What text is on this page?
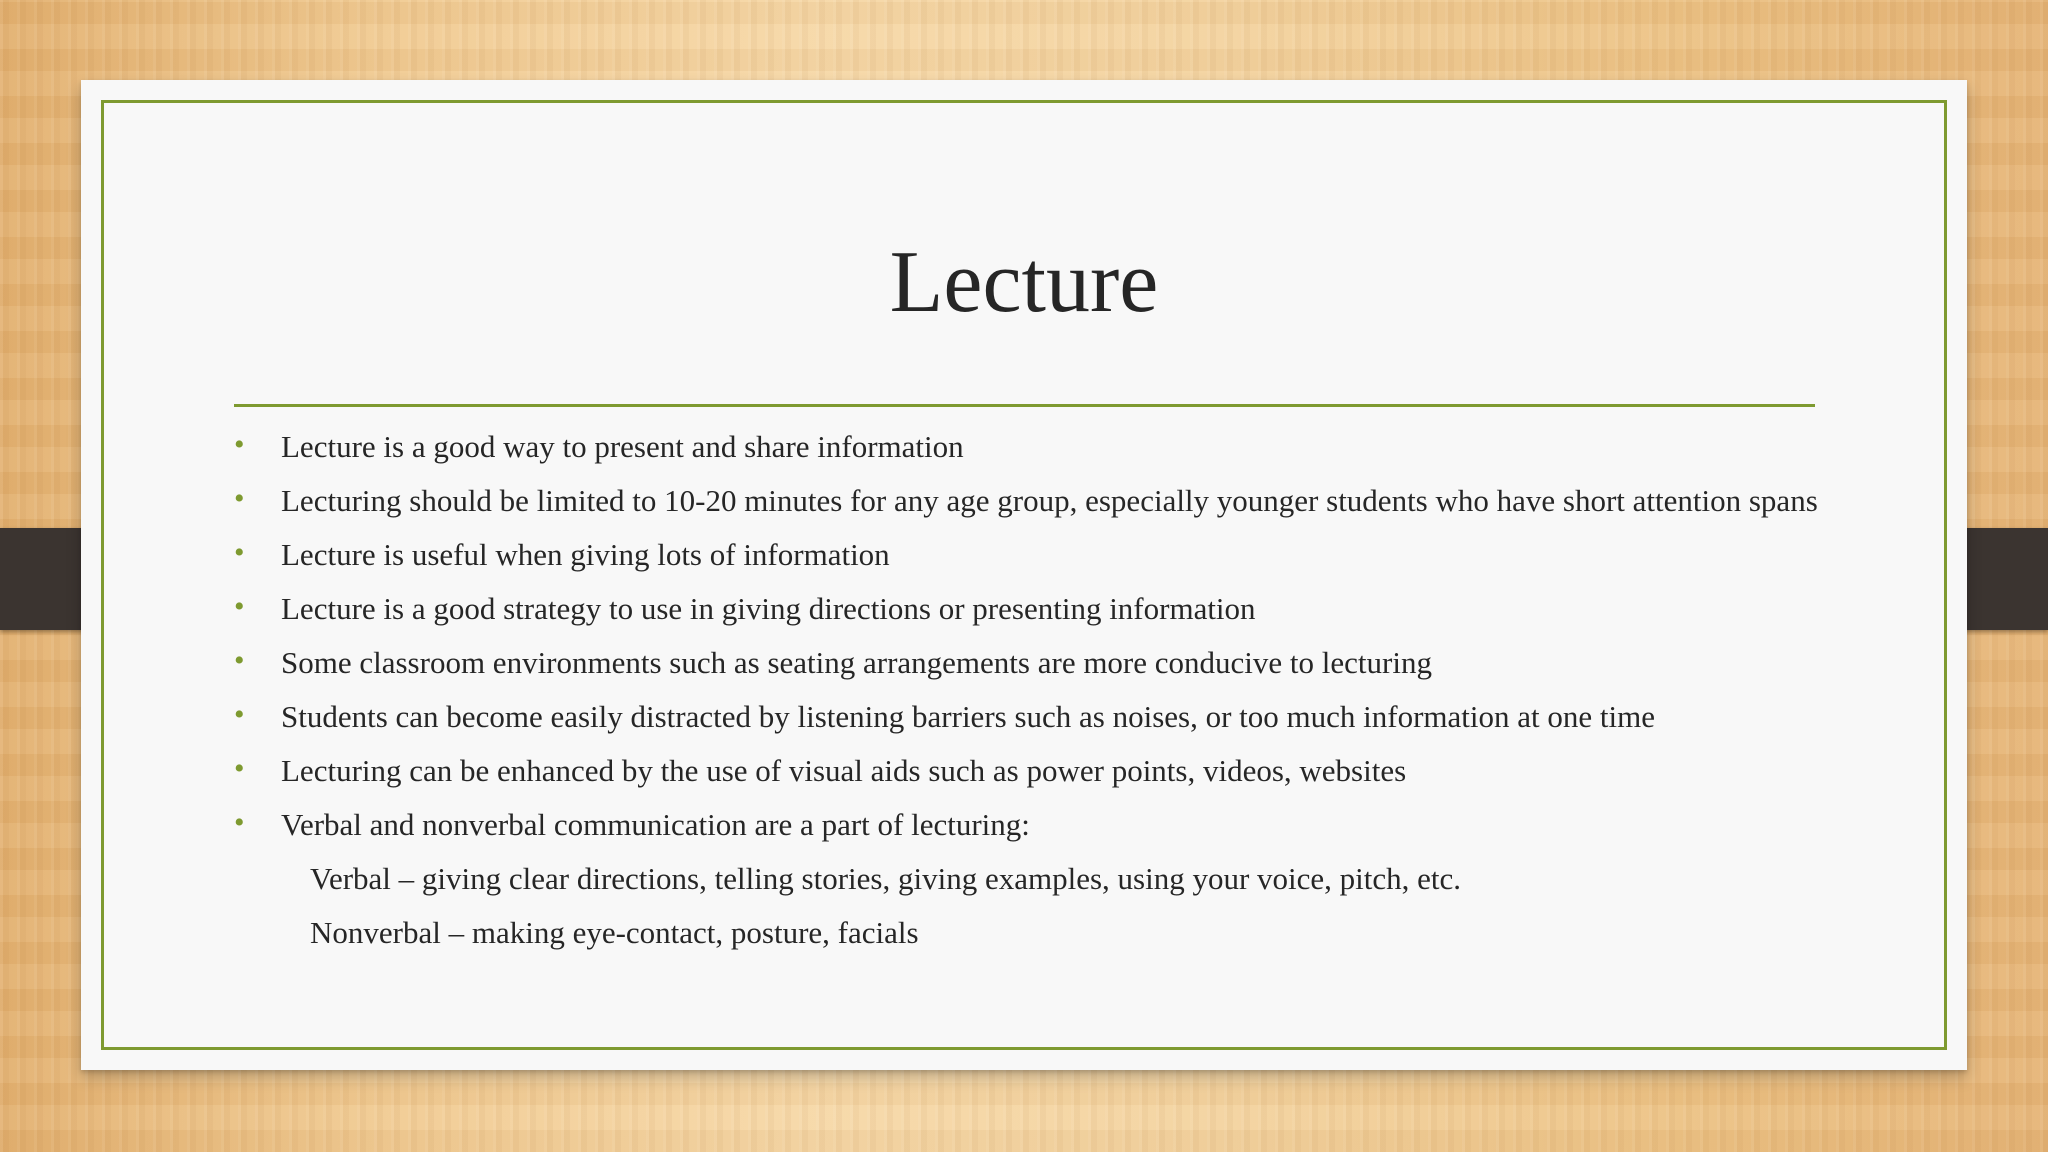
Lecture
• Lecture is a good way to present and share information
• Lecturing should be limited to 10-20 minutes for any age group, especially younger students who have short attention spans
• Lecture is useful when giving lots of information
• Lecture is a good strategy to use in giving directions or presenting information
• Some classroom environments such as seating arrangements are more conducive to lecturing
• Students can become easily distracted by listening barriers such as noises, or too much information at one time
• Lecturing can be enhanced by the use of visual aids such as power points, videos, websites
• Verbal and nonverbal communication are a part of lecturing:
Verbal – giving clear directions, telling stories, giving examples, using your voice, pitch, etc.
Nonverbal – making eye-contact, posture, facials
